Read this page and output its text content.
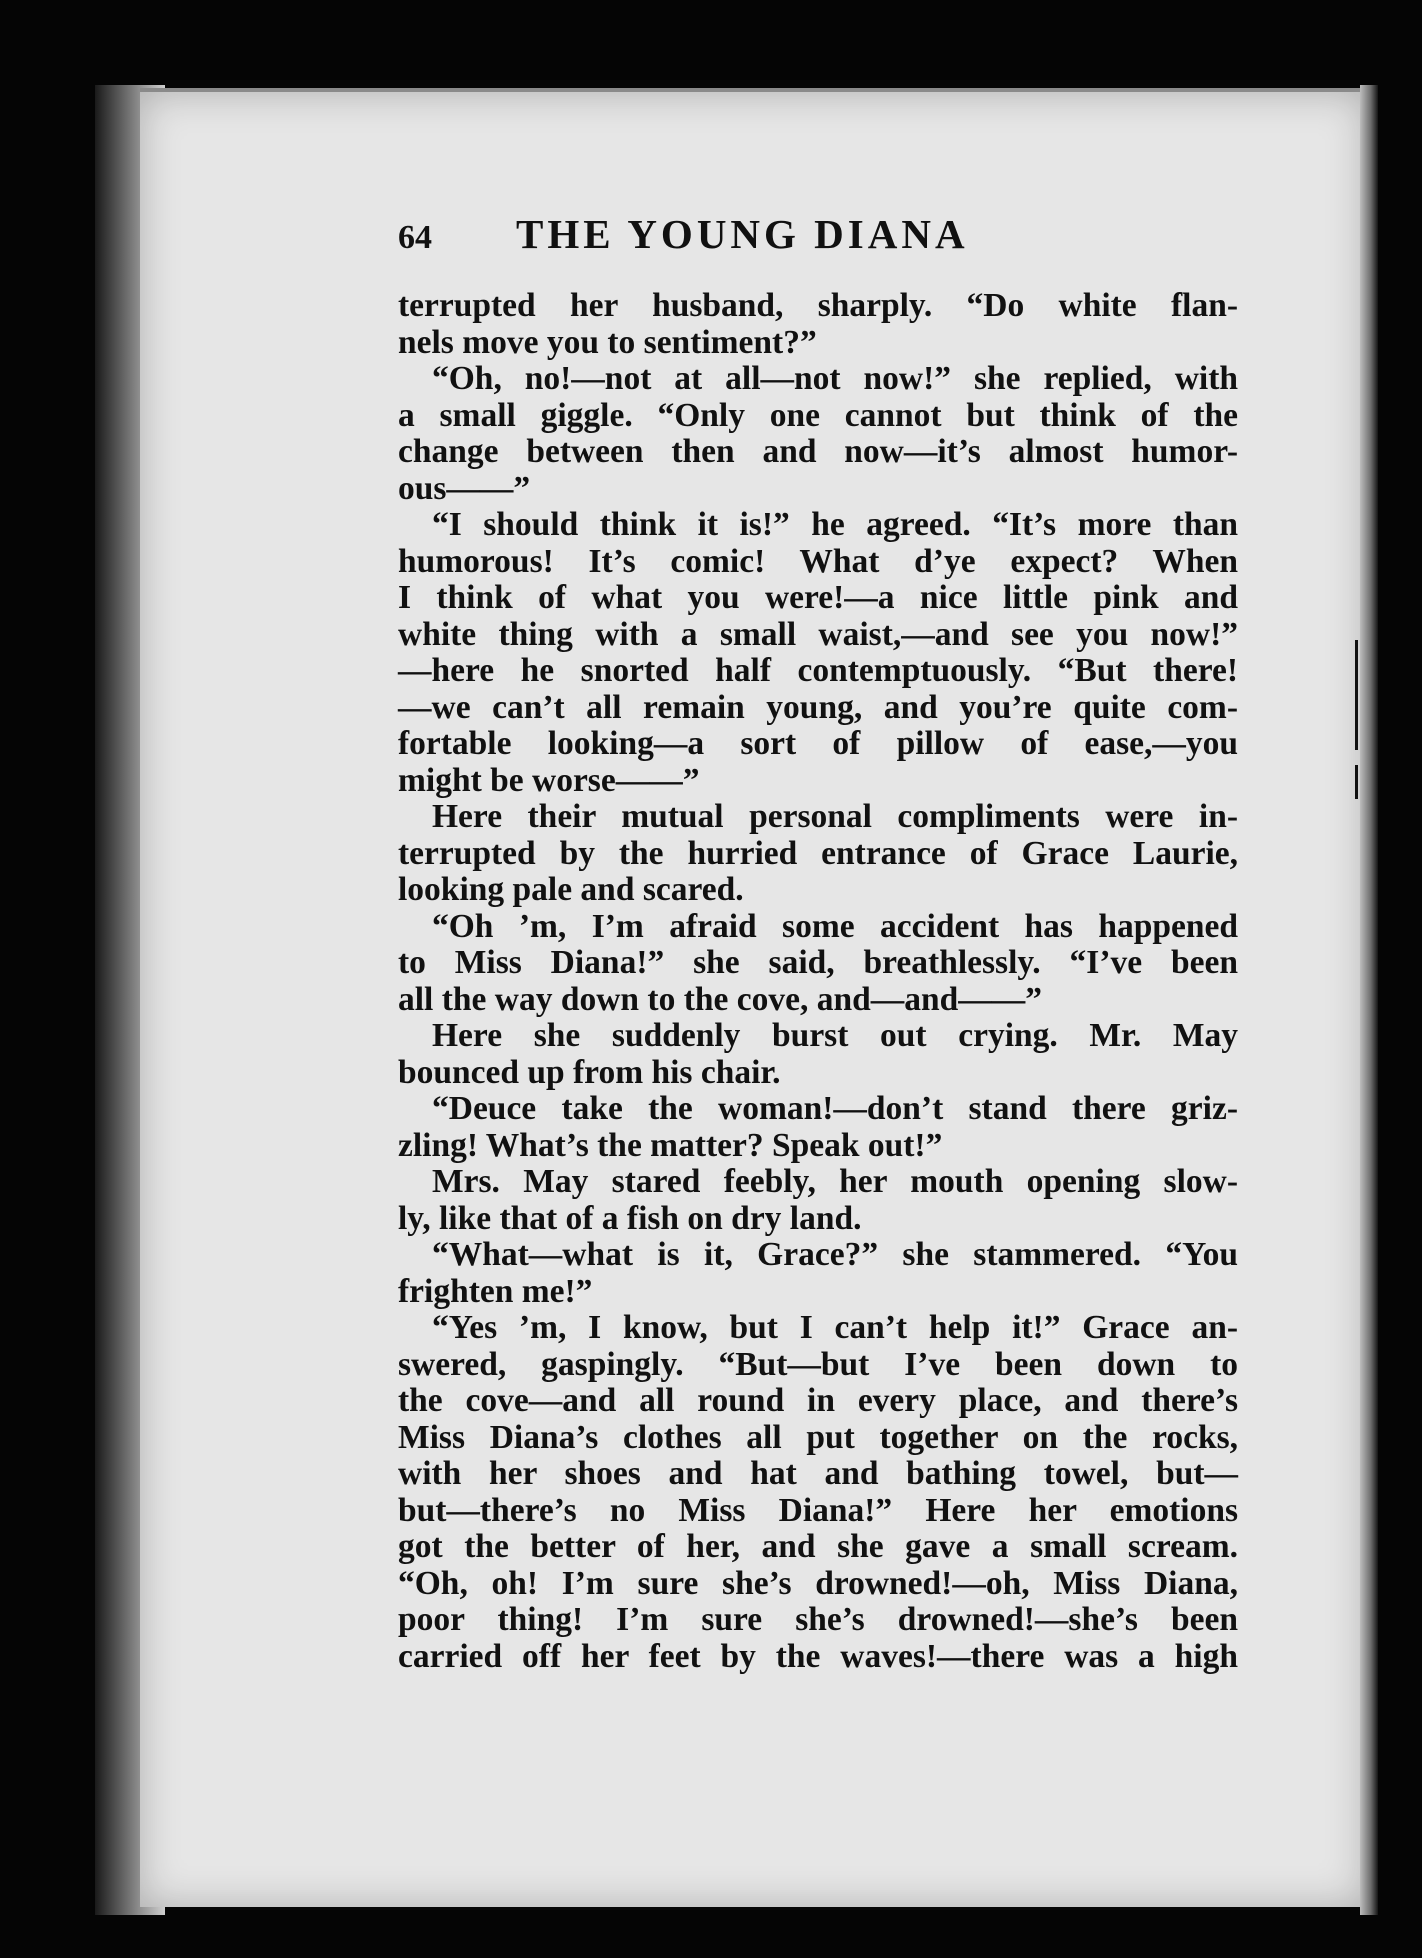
64	THE YOUNG DIANA
terrupted her husband, sharply. “Do white flan-
nels move you to sentiment?”
“Oh, no!—not at all—not now!” she replied, with
a small giggle. “Only one cannot but think of the
change between then and now—it’s almost humor-
ous——”
“I should think it is!” he agreed. “It’s more than
humorous! It’s comic! What d’ye expect? When
I think of what you were!—a nice little pink and
white thing with a small waist,—and see you now!”
—here he snorted half contemptuously. “But there!
—we can’t all remain young, and you’re quite com-
fortable looking—a sort of pillow of ease,—you
might be worse——”
Here their mutual personal compliments were in-
terrupted by the hurried entrance of Grace Laurie,
looking pale and scared.
“Oh ’m, I’m afraid some accident has happened
to Miss Diana!” she said, breathlessly. “I’ve been
all the way down to the cove, and—and——”
Here she suddenly burst out crying. Mr. May
bounced up from his chair.
“Deuce take the woman!—don’t stand there griz-
zling! What’s the matter? Speak out!”
Mrs. May stared feebly, her mouth opening slow-
ly, like that of a fish on dry land.
“What—what is it, Grace?” she stammered. “You
frighten me!”
“Yes ’m, I know, but I can’t help it!” Grace an-
swered, gaspingly. “But—but I’ve been down to
the cove—and all round in every place, and there’s
Miss Diana’s clothes all put together on the rocks,
with her shoes and hat and bathing towel, but—
but—there’s no Miss Diana!” Here her emotions
got the better of her, and she gave a small scream.
“Oh, oh! I’m sure she’s drowned!—oh, Miss Diana,
poor thing! I’m sure she’s drowned!—she’s been
carried off her feet by the waves!—there was a high
